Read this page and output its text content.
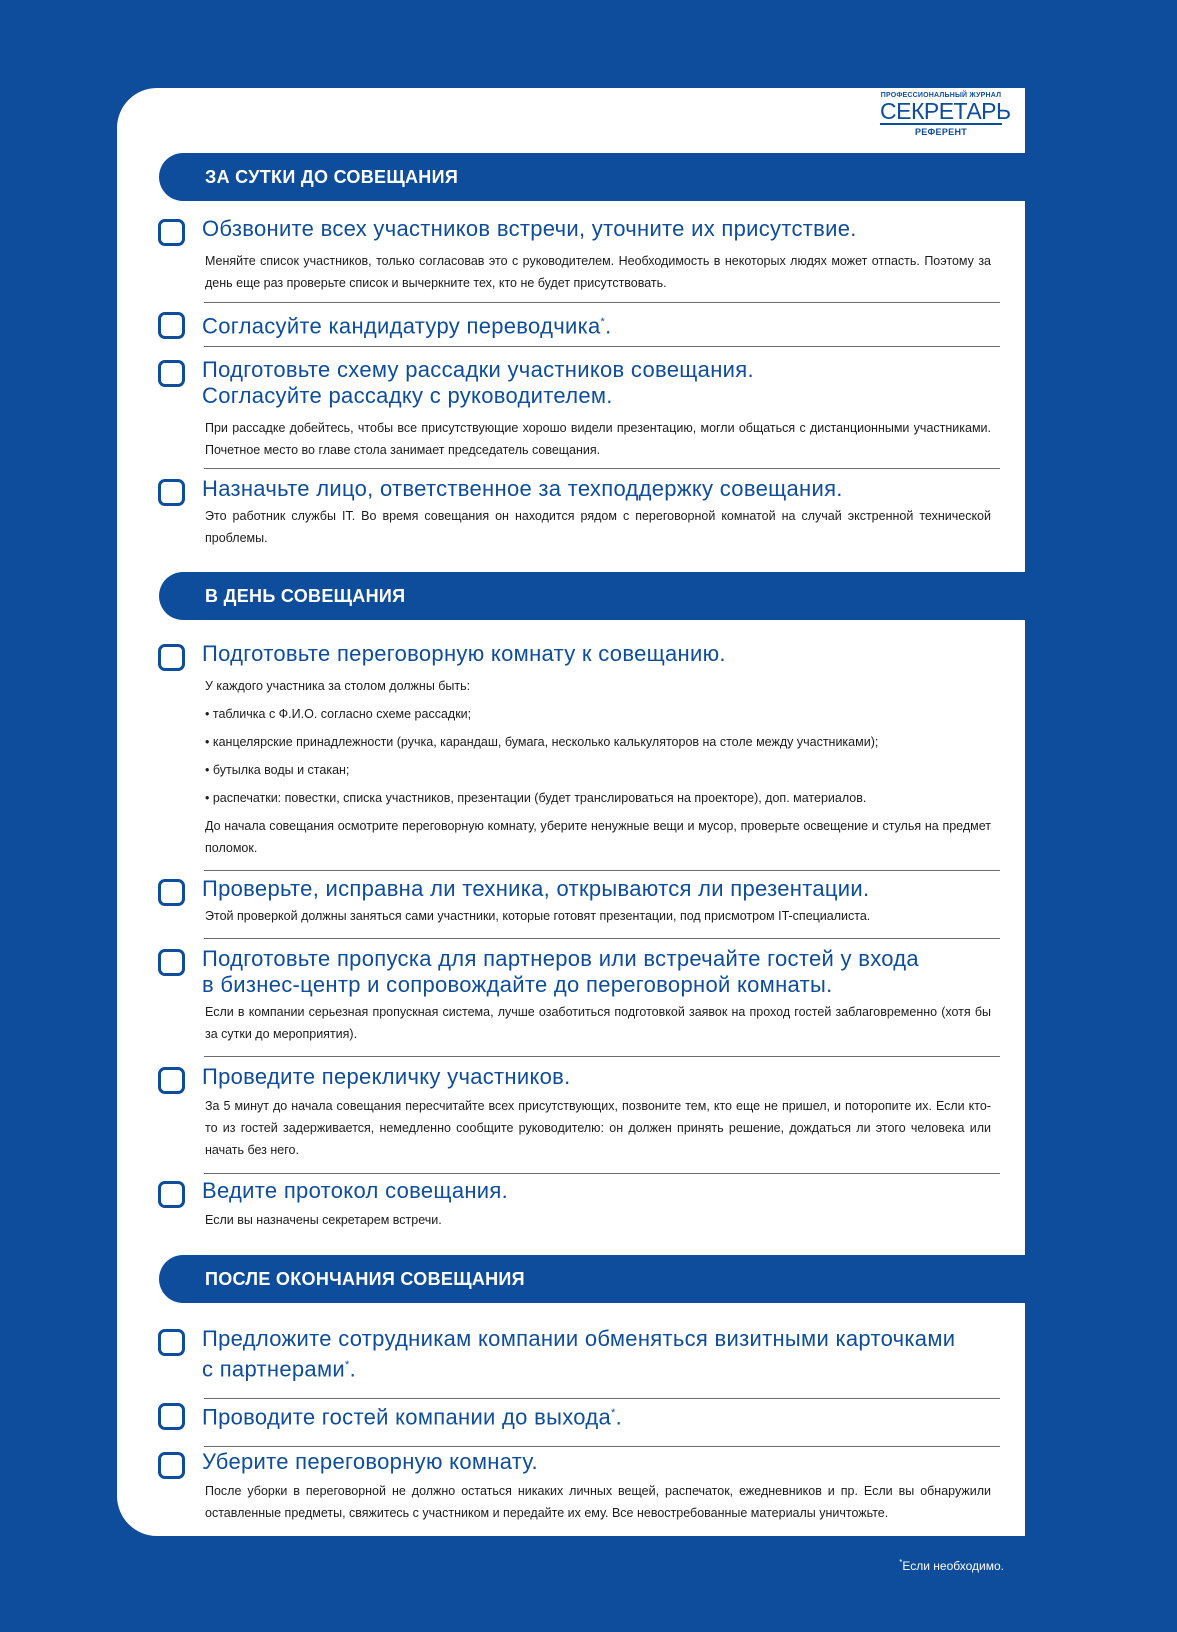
ПРОФЕССИОНАЛЬНЫЙ ЖУРНАЛ
СЕКРЕТАРЬ
РЕФЕРЕНТ
ЗА СУТКИ ДО СОВЕЩАНИЯ
В ДЕНЬ СОВЕЩАНИЯ
ПОСЛЕ ОКОНЧАНИЯ СОВЕЩАНИЯ
Обзвоните всех участников встречи, уточните их присутствие.

Меняйте список участников, только согласовав это с руководителем. Необходимость в некоторых людях может отпасть. Поэтому за день еще раз проверьте список и вычеркните тех, кто не будет присутствовать.

Согласуйте кандидатуру переводчика*.
Подготовьте схему рассадки участников совещания.
Согласуйте рассадку с руководителем.

При рассадке добейтесь, чтобы все присутствующие хорошо видели презентацию, могли общаться с дистанционными участниками. Почетное место во главе стола занимает председатель совещания.

Назначьте лицо, ответственное за техподдержку совещания.

Это работник службы IT. Во время совещания он находится рядом с переговорной комнатой на случай экстренной технической проблемы.

Подготовьте переговорную комнату к совещанию.

У каждого участника за столом должны быть:

• табличка с Ф.И.О. согласно схеме рассадки;

• канцелярские принадлежности (ручка, карандаш, бумага, несколько калькуляторов на столе между участниками);

• бутылка воды и стакан;

• распечатки: повестки, списка участников, презентации (будет транслироваться на проекторе), доп. материалов.

До начала совещания осмотрите переговорную комнату, уберите ненужные вещи и мусор, проверьте освещение и стулья на предмет поломок.

Проверьте, исправна ли техника, открываются ли презентации.

Этой проверкой должны заняться сами участники, которые готовят презентации, под присмотром IT-специалиста.

Подготовьте пропуска для партнеров или встречайте гостей у входа
в бизнес-центр и сопровождайте до переговорной комнаты.

Если в компании серьезная пропускная система, лучше озаботиться подготовкой заявок на проход гостей заблаговременно (хотя бы за сутки до мероприятия).

Проведите перекличку участников.

За 5 минут до начала совещания пересчитайте всех присутствующих, позвоните тем, кто еще не пришел, и поторопите их. Если кто-то из гостей задерживается, немедленно сообщите руководителю: он должен принять решение, дождаться ли этого человека или начать без него.

Ведите протокол совещания.

Если вы назначены секретарем встречи.

Предложите сотрудникам компании обменяться визитными карточками
с партнерами*.
Проводите гостей компании до выхода*.
Уберите переговорную комнату.

После уборки в переговорной не должно остаться никаких личных вещей, распечаток, ежедневников и пр. Если вы обнаружили оставленные предметы, свяжитесь с участником и передайте их ему. Все невостребованные материалы уничтожьте.

*Если необходимо.
